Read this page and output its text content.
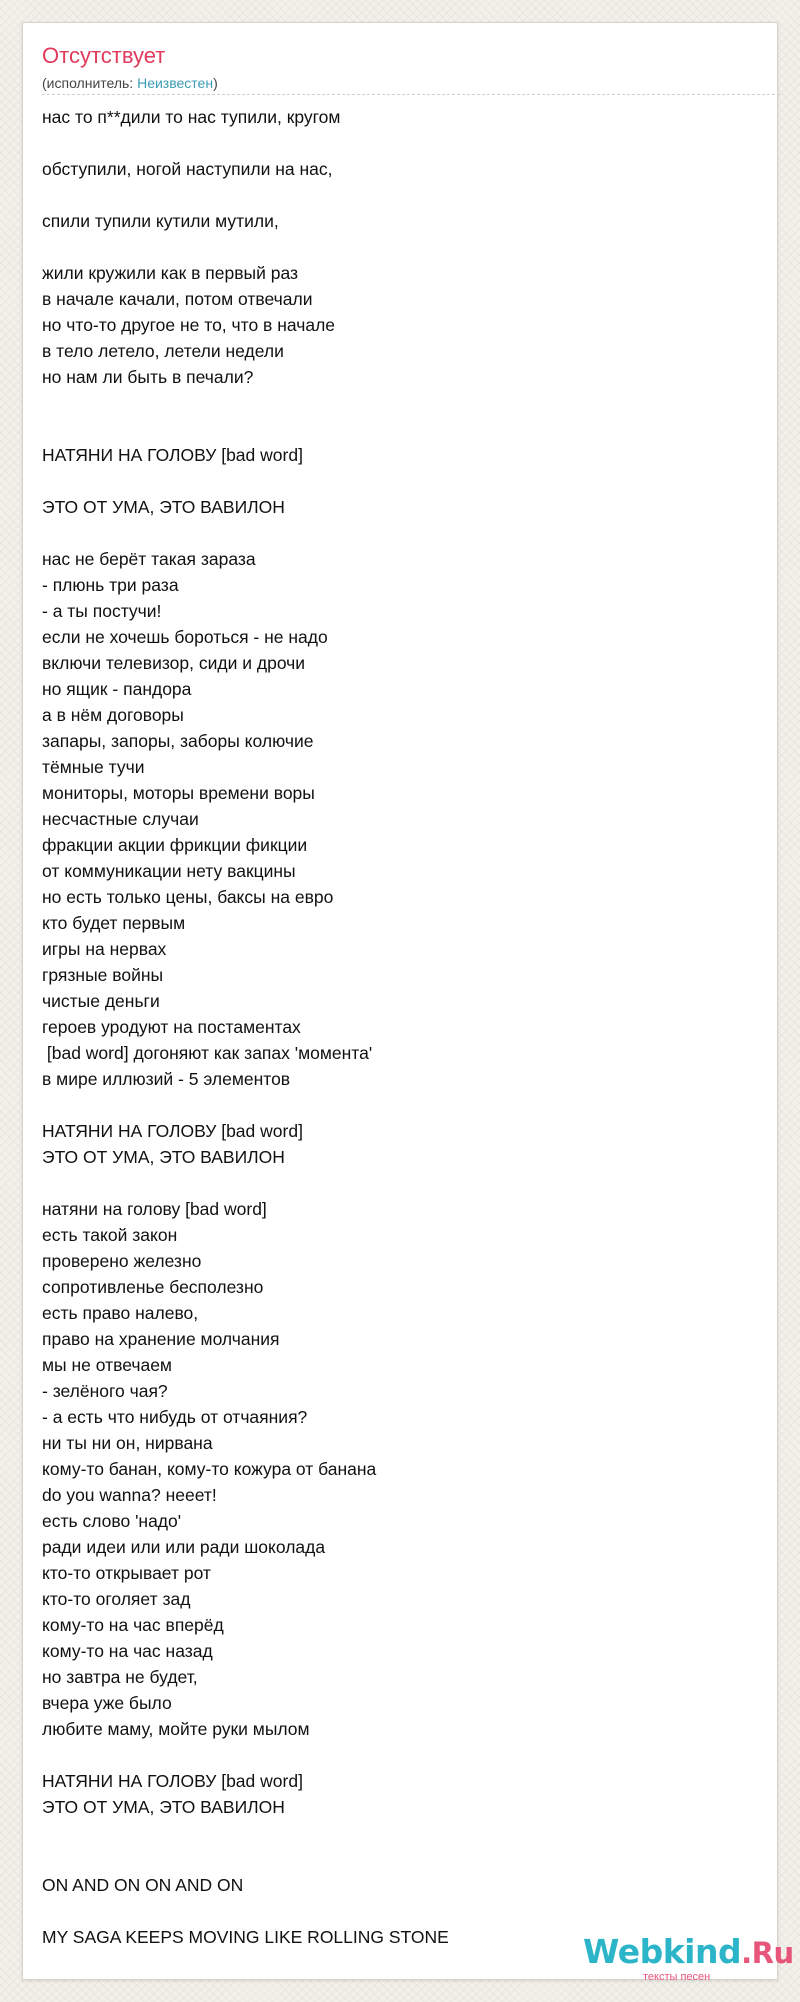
Отсутствует
(исполнитель: Неизвестен)
нас то п**дили то нас тупили, кругом
обступили, ногой наступили на нас,
спили тупили кутили мутили,
жили кружили как в первый раз
в начале качали, потом отвечали
но что-то другое не то, что в начале
в тело летело, летели недели
но нам ли быть в печали?
НАТЯНИ НА ГОЛОВУ [bad word]
ЭТО ОТ УМА, ЭТО ВАВИЛОН
нас не берёт такая зараза
- плюнь три раза
- а ты постучи!
если не хочешь бороться - не надо
включи телевизор, сиди и дрочи
но ящик - пандора
а в нём договоры
запары, запоры, заборы колючие
тёмные тучи
мониторы, моторы времени воры
несчастные случаи
фракции акции фрикции фикции
от коммуникации нету вакцины
но есть только цены, баксы на евро
кто будет первым
игры на нервах
грязные войны
чистые деньги
героев уродуют на постаментах
[bad word] догоняют как запах 'момента'
в мире иллюзий - 5 элементов
НАТЯНИ НА ГОЛОВУ [bad word]
ЭТО ОТ УМА, ЭТО ВАВИЛОН
натяни на голову [bad word]
есть такой закон
проверено железно
сопротивленье бесполезно
есть право налево,
право на хранение молчания
мы не отвечаем
- зелёного чая?
- а есть что нибудь от отчаяния?
ни ты ни он, нирвана
кому-то банан, кому-то кожура от банана
do you wanna? нееет!
есть слово 'надо'
ради идеи или или ради шоколада
кто-то открывает рот
кто-то оголяет зад
кому-то на час вперёд
кому-то на час назад
но завтра не будет,
вчера уже было
любите маму, мойте руки мылом
НАТЯНИ НА ГОЛОВУ [bad word]
ЭТО ОТ УМА, ЭТО ВАВИЛОН
ON AND ON ON AND ON
MY SAGA KEEPS MOVING LIKE ROLLING STONE	Webkind.Ru
тексты песен
